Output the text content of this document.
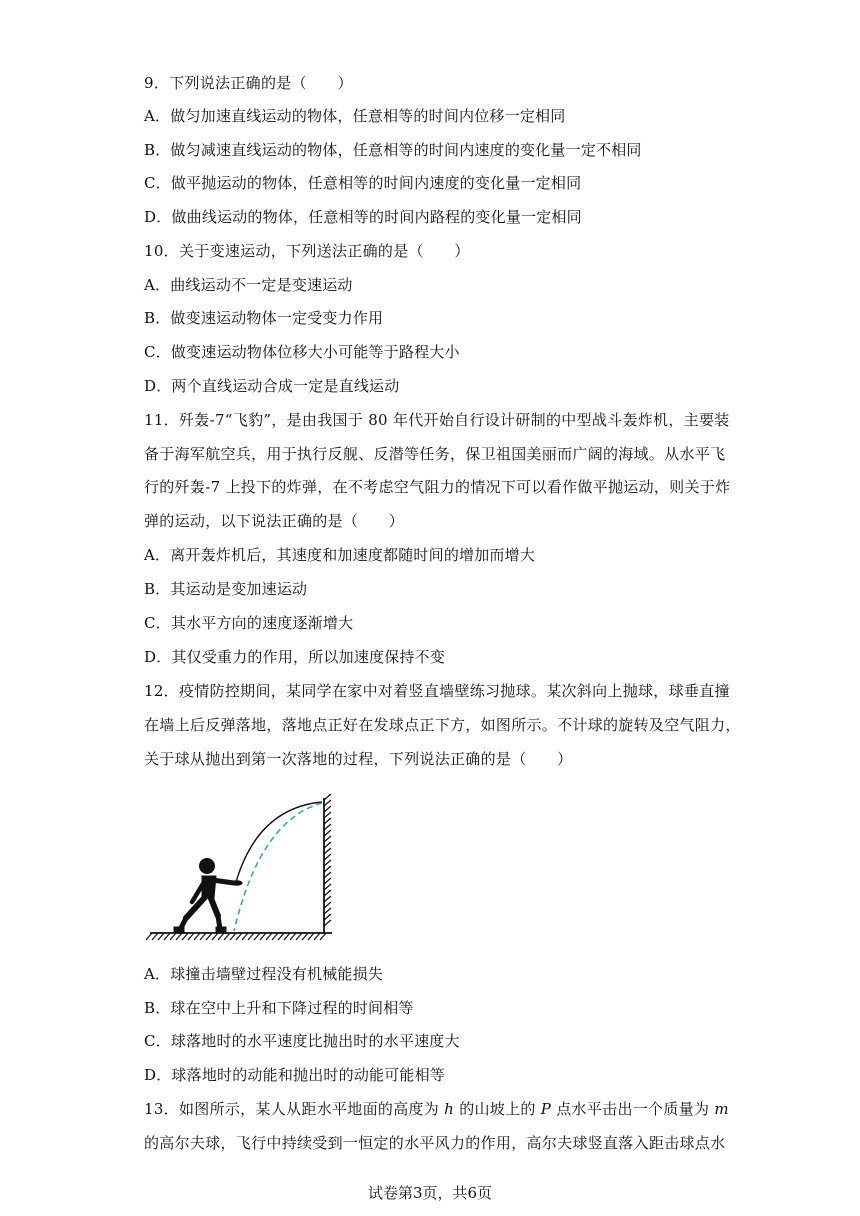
9．下列说法正确的是（　　）
A．做匀加速直线运动的物体，任意相等的时间内位移一定相同
B．做匀减速直线运动的物体，任意相等的时间内速度的变化量一定不相同
C．做平抛运动的物体，任意相等的时间内速度的变化量一定相同
D．做曲线运动的物体，任意相等的时间内路程的变化量一定相同
10．关于变速运动，下列送法正确的是（　　）
A．曲线运动不一定是变速运动
B．做变速运动物体一定受变力作用
C．做变速运动物体位移大小可能等于路程大小
D．两个直线运动合成一定是直线运动
11．歼轰-7“飞豹”，是由我国于 80 年代开始自行设计研制的中型战斗轰炸机，主要装
备于海军航空兵，用于执行反舰、反潜等任务，保卫祖国美丽而广阔的海域。从水平飞
行的歼轰-7 上投下的炸弹，在不考虑空气阻力的情况下可以看作做平抛运动，则关于炸
弹的运动，以下说法正确的是（　　）
A．离开轰炸机后，其速度和加速度都随时间的增加而增大
B．其运动是变加速运动
C．其水平方向的速度逐渐增大
D．其仅受重力的作用，所以加速度保持不变
12．疫情防控期间，某同学在家中对着竖直墙壁练习抛球。某次斜向上抛球，球垂直撞
在墙上后反弹落地，落地点正好在发球点正下方，如图所示。不计球的旋转及空气阻力，
关于球从抛出到第一次落地的过程，下列说法正确的是（　　）
A．球撞击墙壁过程没有机械能损失
B．球在空中上升和下降过程的时间相等
C．球落地时的水平速度比抛出时的水平速度大
D．球落地时的动能和抛出时的动能可能相等
13．如图所示，某人从距水平地面的高度为 h 的山坡上的 P 点水平击出一个质量为 m
的高尔夫球，飞行中持续受到一恒定的水平风力的作用，高尔夫球竖直落入距击球点水
试卷第3页，共6页
